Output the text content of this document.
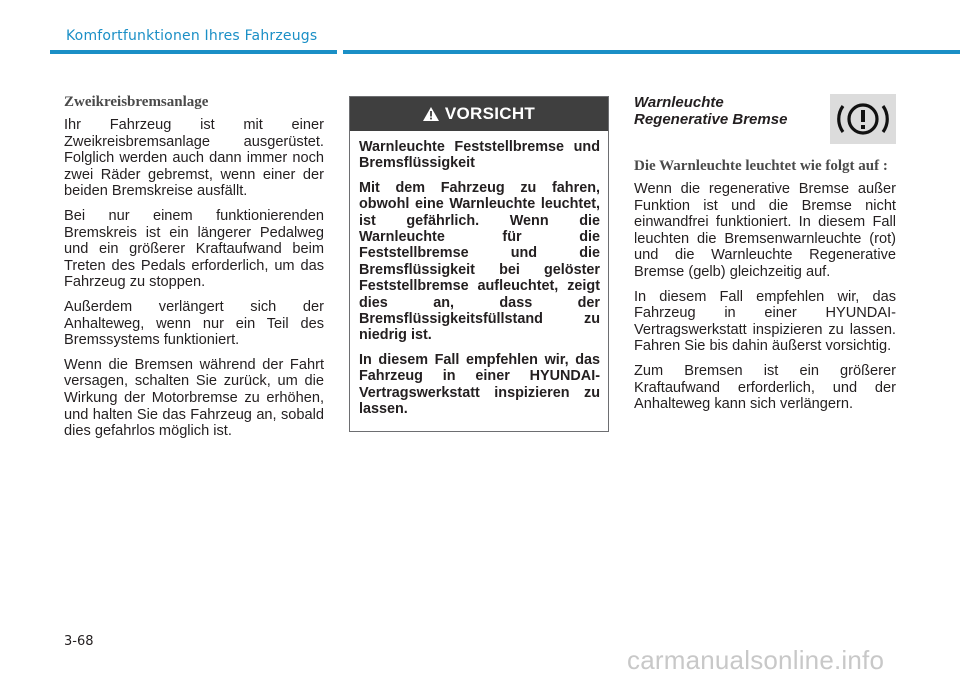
Komfortfunktionen Ihres Fahrzeugs
Zweikreisbremsanlage

Ihr Fahrzeug ist mit einer Zweikreisbremsanlage ausgerüstet. Folglich werden auch dann immer noch zwei Räder gebremst, wenn einer der beiden Bremskreise ausfällt.

Bei nur einem funktionierenden Bremskreis ist ein längerer Pedalweg und ein größerer Kraftaufwand beim Treten des Pedals erforderlich, um das Fahrzeug zu stoppen.

Außerdem verlängert sich der Anhalteweg, wenn nur ein Teil des Bremssystems funktioniert.

Wenn die Bremsen während der Fahrt versagen, schalten Sie zurück, um die Wirkung der Motorbremse zu erhöhen, und halten Sie das Fahrzeug an, sobald dies gefahrlos möglich ist.

VORSICHT

Warnleuchte Feststellbremse und Bremsflüssigkeit

Mit dem Fahrzeug zu fahren, obwohl eine Warnleuchte leuchtet, ist gefährlich. Wenn die Warnleuchte für die Feststellbremse und die Bremsflüssigkeit bei gelöster Feststellbremse aufleuchtet, zeigt dies an, dass der Bremsflüssigkeitsfüllstand zu niedrig ist.

In diesem Fall empfehlen wir, das Fahrzeug in einer HYUNDAI-Vertragswerkstatt inspizieren zu lassen.

Warnleuchte
Regenerative Bremse
Die Warnleuchte leuchtet wie folgt auf :

Wenn die regenerative Bremse außer Funktion ist und die Bremse nicht einwandfrei funktioniert. In diesem Fall leuchten die Bremsenwarnleuchte (rot) und die Warnleuchte Regenerative Bremse (gelb) gleichzeitig auf.

In diesem Fall empfehlen wir, das Fahrzeug in einer HYUNDAI-Vertragswerkstatt inspizieren zu lassen. Fahren Sie bis dahin äußerst vorsichtig.

Zum Bremsen ist ein größerer Kraftaufwand erforderlich, und der Anhalteweg kann sich verlängern.

3-68
carmanualsonline.info
